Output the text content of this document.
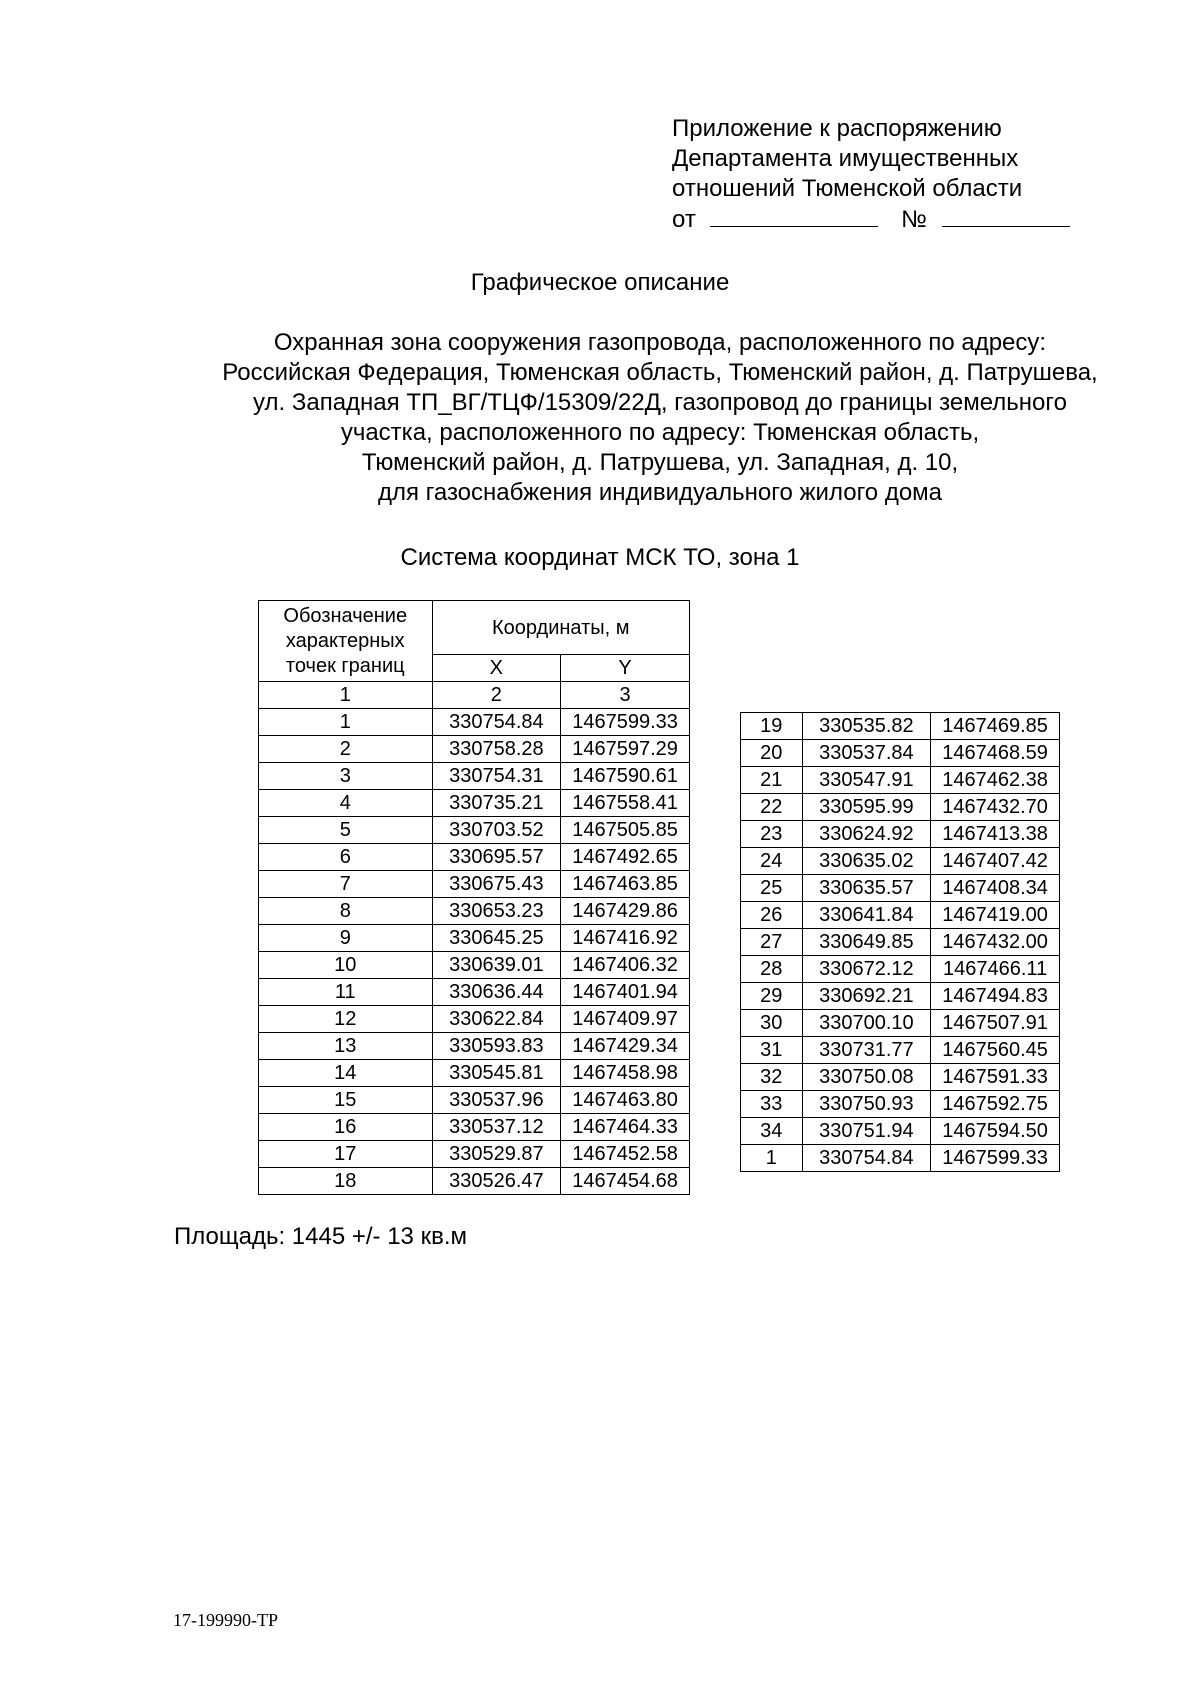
Приложение к распоряжению
Департамента имущественных
отношений Тюменской области
от	№
Графическое описание
Охранная зона сооружения газопровода, расположенного по адресу:
Российская Федерация, Тюменская область, Тюменский район, д. Патрушева,
ул. Западная ТП_ВГ/ТЦФ/15309/22Д, газопровод до границы земельного
участка, расположенного по адресу: Тюменская область,
Тюменский район, д. Патрушева, ул. Западная, д. 10,
для газоснабжения индивидуального жилого дома
Система координат МСК ТО, зона 1
Обозначение характерных точек границ	Координаты, м	
	X	Y
1	2	3
1	330754.84	1467599.33
2	330758.28	1467597.29
3	330754.31	1467590.61
4	330735.21	1467558.41
5	330703.52	1467505.85
6	330695.57	1467492.65
7	330675.43	1467463.85
8	330653.23	1467429.86
9	330645.25	1467416.92
10	330639.01	1467406.32
11	330636.44	1467401.94
12	330622.84	1467409.97
13	330593.83	1467429.34
14	330545.81	1467458.98
15	330537.96	1467463.80
16	330537.12	1467464.33
17	330529.87	1467452.58
18	330526.47	1467454.68
19	330535.82	1467469.85
20	330537.84	1467468.59
21	330547.91	1467462.38
22	330595.99	1467432.70
23	330624.92	1467413.38
24	330635.02	1467407.42
25	330635.57	1467408.34
26	330641.84	1467419.00
27	330649.85	1467432.00
28	330672.12	1467466.11
29	330692.21	1467494.83
30	330700.10	1467507.91
31	330731.77	1467560.45
32	330750.08	1467591.33
33	330750.93	1467592.75
34	330751.94	1467594.50
1	330754.84	1467599.33
Площадь: 1445 +/- 13 кв.м
17-199990-ТР
